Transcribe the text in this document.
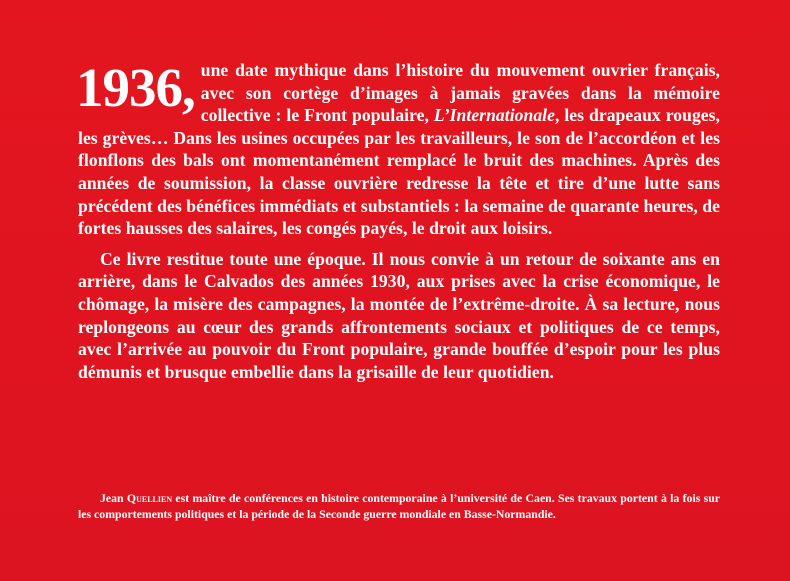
1936, une date mythique dans l’histoire du mouvement ouvrier français, avec son cortège d’images à jamais gravées dans la mémoire collective : le Front populaire, L’Internationale, les drapeaux rouges, les grèves… Dans les usines occupées par les travailleurs, le son de l’accordéon et les flonflons des bals ont momentanément remplacé le bruit des machines. Après des années de soumission, la classe ouvrière redresse la tête et tire d’une lutte sans précédent des bénéfices immédiats et substantiels : la semaine de quarante heures, de fortes hausses des salaires, les congés payés, le droit aux loisirs.

Ce livre restitue toute une époque. Il nous convie à un retour de soixante ans en arrière, dans le Calvados des années 1930, aux prises avec la crise économique, le chômage, la misère des campagnes, la montée de l’extrême-droite. À sa lecture, nous replongeons au cœur des grands affrontements sociaux et politiques de ce temps, avec l’arrivée au pouvoir du Front populaire, grande bouffée d’espoir pour les plus démunis et brusque embellie dans la grisaille de leur quotidien.

Jean Quellien est maître de conférences en histoire contemporaine à l’université de Caen. Ses travaux portent à la fois sur les comportements politiques et la période de la Seconde guerre mondiale en Basse-Normandie.
